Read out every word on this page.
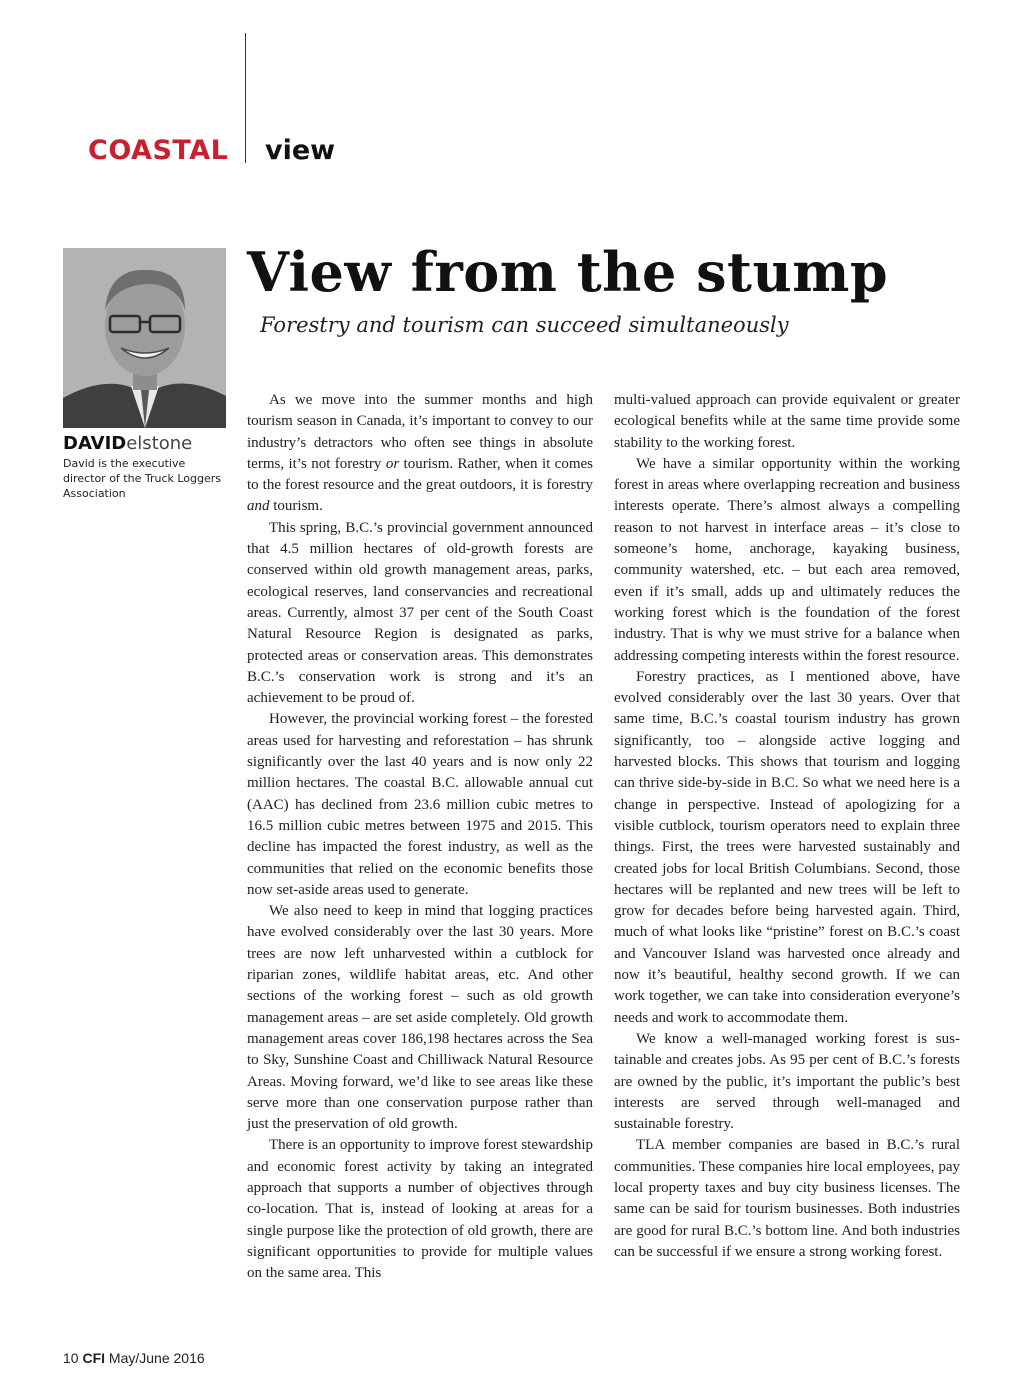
COASTAL view
DAVIDelstone
David is the executive director of the Truck Loggers Association
View from the stump
Forestry and tourism can succeed simultaneously

As we move into the summer months and high tourism season in Canada, it’s important to convey to our industry’s detractors who often see things in absolute terms, it’s not forestry or tourism. Rather, when it comes to the forest resource and the great outdoors, it is forestry and tourism.

This spring, B.C.’s provincial government announced that 4.5 million hectares of old-growth forests are conserved within old growth management areas, parks, ecological reserves, land conservancies and recreational areas. Currently, almost 37 per cent of the South Coast Natural Resource Region is designated as parks, protected areas or conservation areas. This demonstrates B.C.’s conservation work is strong and it’s an achievement to be proud of.

However, the provincial working forest – the forested areas used for harvesting and reforestation – has shrunk significantly over the last 40 years and is now only 22 million hectares. The coastal B.C. allowable annual cut (AAC) has declined from 23.6 million cubic metres to 16.5 million cubic metres between 1975 and 2015. This decline has impacted the forest industry, as well as the communities that relied on the economic benefits those now set-aside areas used to generate.

We also need to keep in mind that logging practices have evolved considerably over the last 30 years. More trees are now left unharvested within a cutblock for riparian zones, wildlife habitat areas, etc. And other sections of the working forest – such as old growth management areas – are set aside completely. Old growth management areas cover 186,198 hectares across the Sea to Sky, Sunshine Coast and Chilliwack Natural Resource Areas. Moving forward, we’d like to see areas like these serve more than one conservation purpose rather than just the preservation of old growth.

There is an opportunity to improve forest stewardship and economic forest activity by taking an integrated approach that supports a number of objectives through co-location. That is, instead of looking at areas for a single purpose like the protection of old growth, there are significant opportunities to provide for multiple values on the same area. This

multi-valued approach can provide equivalent or greater ecological benefits while at the same time provide some stability to the working forest.

We have a similar opportunity within the working forest in areas where overlapping recreation and business interests operate. There’s almost always a compelling reason to not harvest in interface areas – it’s close to someone’s home, anchorage, kayaking business, community watershed, etc. – but each area removed, even if it’s small, adds up and ultimately reduces the working forest which is the foundation of the forest industry. That is why we must strive for a balance when addressing competing interests within the forest resource.

Forestry practices, as I mentioned above, have evolved considerably over the last 30 years. Over that same time, B.C.’s coastal tourism industry has grown significantly, too – alongside active logging and harvested blocks. This shows that tourism and logging can thrive side-by-side in B.C. So what we need here is a change in perspective. Instead of apologizing for a visible cutblock, tourism operators need to explain three things. First, the trees were harvested sustainably and created jobs for local British Columbians. Second, those hectares will be replanted and new trees will be left to grow for decades before being harvested again. Third, much of what looks like “pristine” forest on B.C.’s coast and Vancouver Island was harvested once already and now it’s beautiful, healthy second growth. If we can work together, we can take into consideration everyone’s needs and work to accommodate them.

We know a well-managed working forest is sustainable and creates jobs. As 95 per cent of B.C.’s forests are owned by the public, it’s important the public’s best interests are served through well-managed and sustainable forestry.

TLA member companies are based in B.C.’s rural communities. These companies hire local employees, pay local property taxes and buy city business licenses. The same can be said for tourism businesses. Both industries are good for rural B.C.’s bottom line. And both industries can be successful if we ensure a strong working forest.

10 CFI May/June 2016
